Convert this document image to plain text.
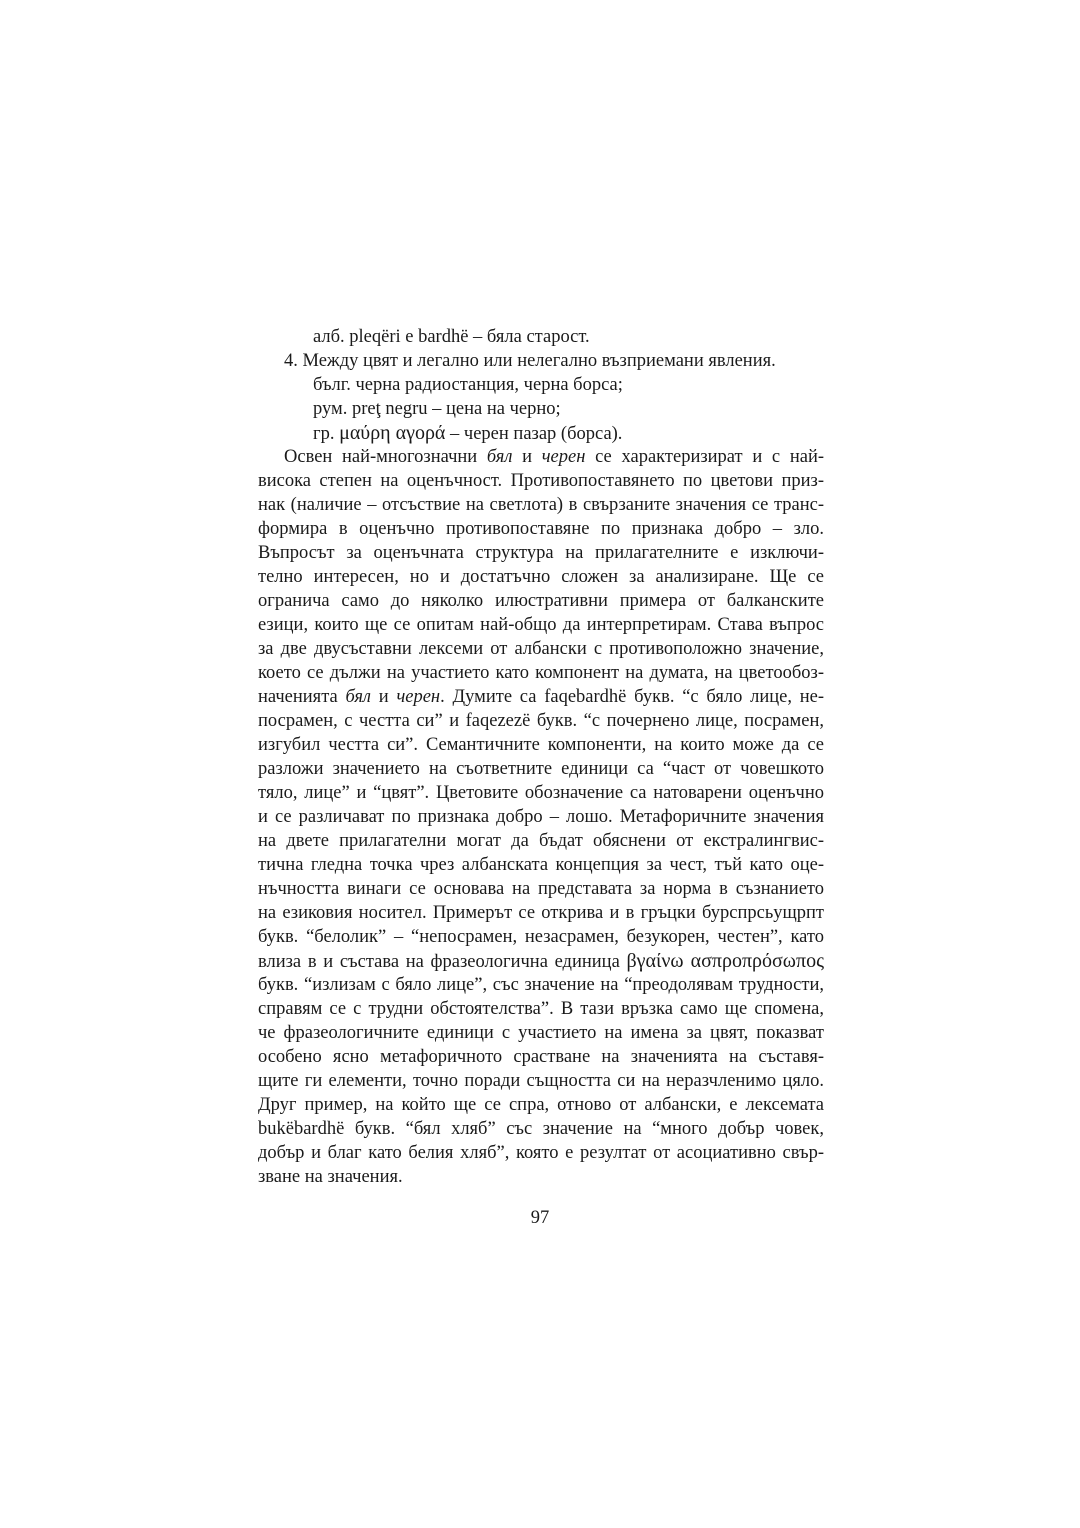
алб. pleqëri e bardhë – бяла старост.
4. Между цвят и легално или нелегално възприемани явления.
бълг. черна радиостанция, черна борса;
рум. preţ negru – цена на черно;
гр. μαύρη αγορά – черен пазар (борса).
Освен най-многозначни бял и черен се характеризират и с най-
висока степен на оценъчност. Противопоставянето по цветови приз-
нак (наличие – отсъствие на светлота) в свързаните значения се транс-
формира в оценъчно противопоставяне по признака добро – зло.
Въпросът за оценъчната структура на прилагателните е изключи-
телно интересен, но и достатъчно сложен за анализиране. Ще се
ограничa само до няколко илюстративни примера от балканските
езици, които ще се опитам най-общо да интерпретирам. Става въпрос
за две двусъставни лексеми от албански с противоположно значение,
което се дължи на участието като компонент на думата, на цветообоз-
наченията бял и черен. Думите са faqebardhë букв. “с бяло лице, не-
посрамен, с честта си” и faqezezë букв. “с почернено лице, посрамен,
изгубил честта си”. Семантичните компоненти, на които може да се
разложи значението на съответните единици са “част от човешкото
тяло, лице” и “цвят”. Цветовите обозначение са натоварени оценъчно
и се различават по признака добро – лошо. Метафоричните значения
на двете прилагателни могат да бъдат обяснени от екстралингвис-
тична гледна точка чрез албанската концепция за чест, тъй като оце-
нъчността винаги се основава на представата за норма в съзнанието
на езиковия носител. Примерът се открива и в гръцки бурспрсьущрпт
букв. “белолик” – “непосрамен, незасрамен, безукорен, честен”, като
влиза в и състава на фразеологична единица βγαίνω ασπροπρόσωπος
букв. “излизам с бяло лице”, със значение на “преодолявам трудности,
справям се с трудни обстоятелства”. В тази връзка само ще спомена,
че фразеологичните единици с участието на имена за цвят, показват
особено ясно метафоричното срастване на значенията на съставя-
щите ги елементи, точно поради същността си на неразчленимо цяло.
Друг пример, на който ще се спра, отново от албански, е лексемата
bukëbardhë букв. “бял хляб” със значение на “много добър човек,
добър и благ като белия хляб”, която е резултат от асоциативно свър-
зване на значения.
97
